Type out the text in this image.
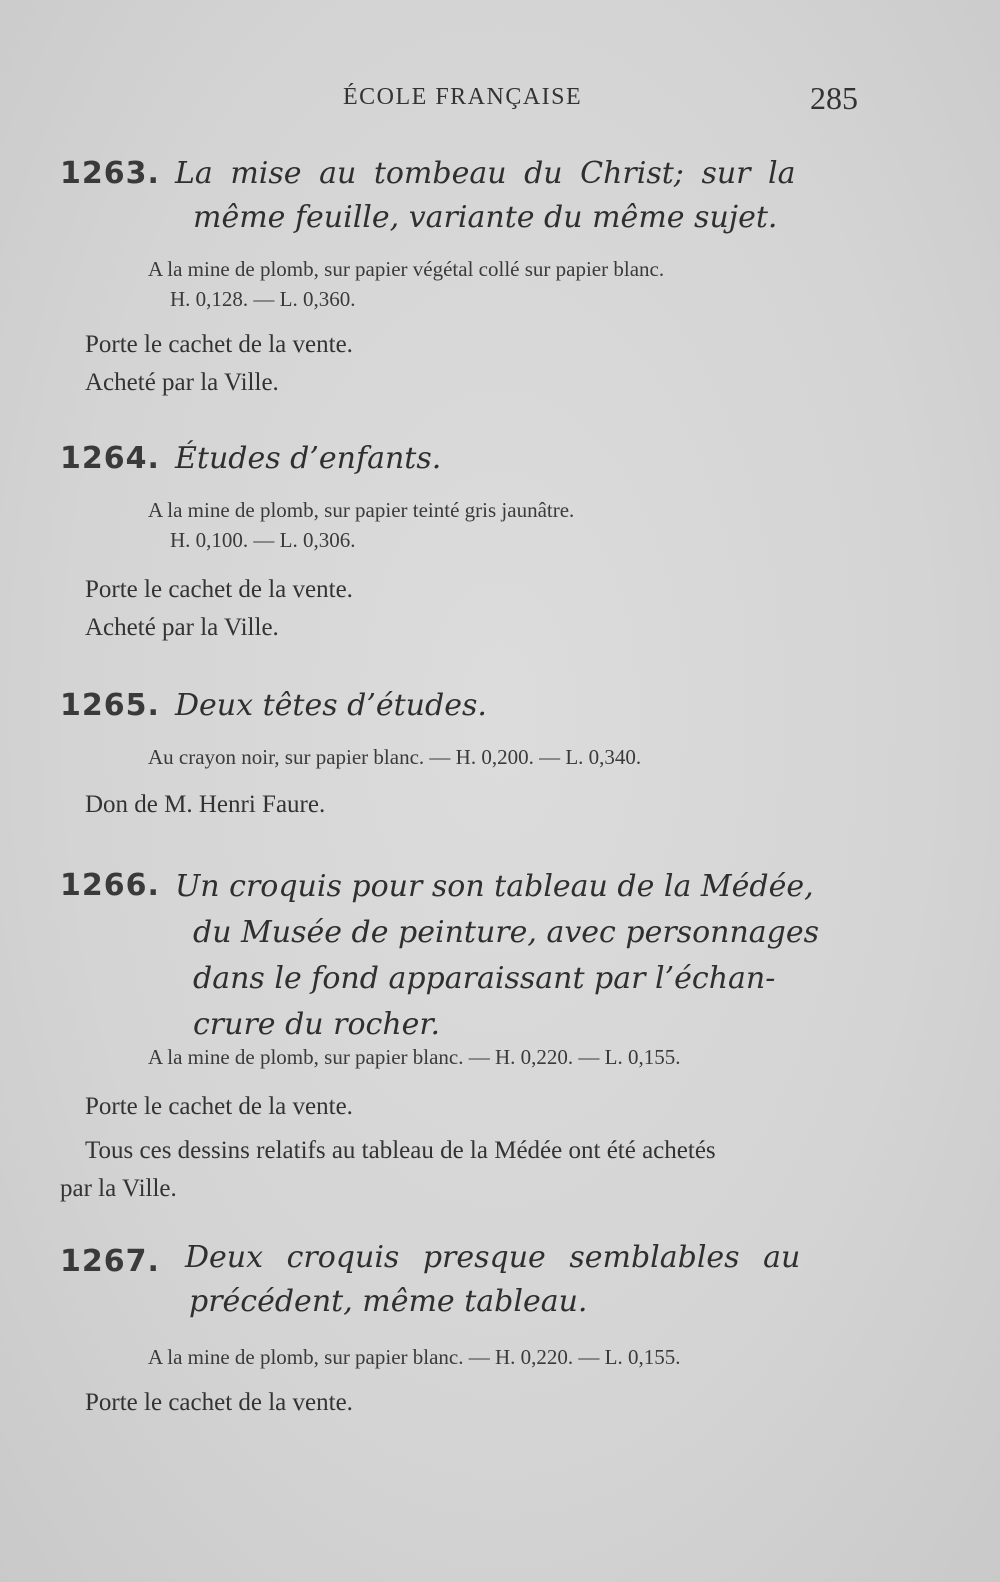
ÉCOLE FRANÇAISE	285
1263. La mise au tombeau du Christ; sur la
même feuille, variante du même sujet.
A la mine de plomb, sur papier végétal collé sur papier blanc.
H. 0,128. — L. 0,360.
Porte le cachet de la vente.
Acheté par la Ville.
1264. Études d’enfants.
A la mine de plomb, sur papier teinté gris jaunâtre.
H. 0,100. — L. 0,306.
Porte le cachet de la vente.
Acheté par la Ville.
1265. Deux têtes d’études.
Au crayon noir, sur papier blanc. — H. 0,200. — L. 0,340.
Don de M. Henri Faure.
1266. Un croquis pour son tableau de la Médée,
du Musée de peinture, avec personnages
dans le fond apparaissant par l’échan-
crure du rocher.
A la mine de plomb, sur papier blanc. — H. 0,220. — L. 0,155.
Porte le cachet de la vente.
Tous ces dessins relatifs au tableau de la Médée ont été achetés
par la Ville.
1267. Deux croquis presque semblables au
précédent, même tableau.
A la mine de plomb, sur papier blanc. — H. 0,220. — L. 0,155.
Porte le cachet de la vente.
